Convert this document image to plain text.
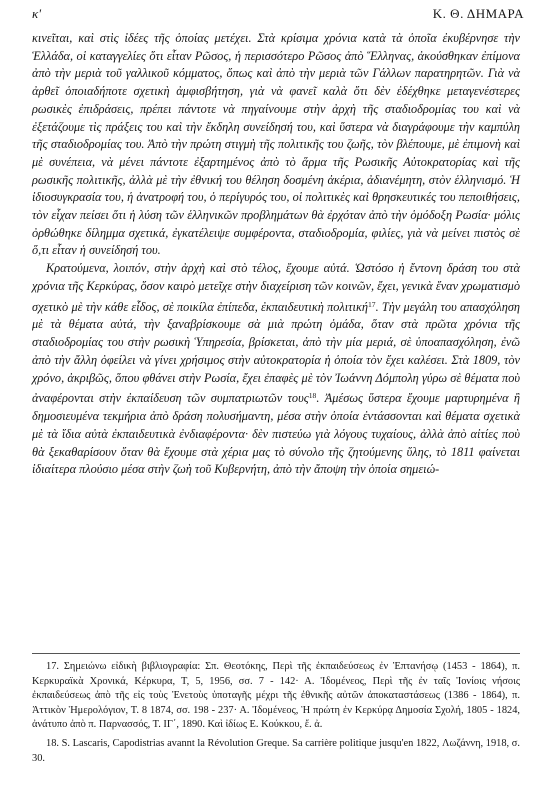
κ'	Κ. Θ. ΔΗΜΑΡΑ

κινεῖται, καὶ στὶς ἰδέες τῆς ὁποίας μετέχει. Στὰ κρίσιμα χρόνια κατὰ τὰ ὁποῖα ἐκυβέρνησε τὴν Ἑλλάδα, οἱ καταγγελίες ὅτι εἶταν Ρῶσος, ἡ περισσότερο Ρῶσος ἀπὸ Ἕλληνας, ἀκούσθηκαν ἐπίμονα ἀπὸ τὴν μεριὰ τοῦ γαλλικοῦ κόμματος, ὅπως καὶ ἀπὸ τὴν μεριὰ τῶν Γάλλων παρατηρητῶν. Γιὰ νὰ ἀρθεῖ ὁποιαδήποτε σχετικὴ ἀμφισβήτηση, γιὰ νὰ φανεῖ καλὰ ὅτι δὲν ἐδέχθηκε μεταγενέστερες ρωσικὲς ἐπιδράσεις, πρέπει πάντοτε νὰ πηγαίνουμε στὴν ἀρχὴ τῆς σταδιοδρομίας του καὶ νὰ ἐξετάζουμε τὶς πράξεις του καὶ τὴν ἔκδηλη συνείδησή του, καὶ ὕστερα νὰ διαγράφουμε τὴν καμπύλη τῆς σταδιοδρομίας του. Ἀπὸ τὴν πρώτη στιγμὴ τῆς πολιτικῆς του ζωῆς, τὸν βλέπουμε, μὲ ἐπιμονὴ καὶ μὲ συνέπεια, νὰ μένει πάντοτε ἐξαρτημένος ἀπὸ τὸ ἅρμα τῆς Ρωσικῆς Αὐτοκρατορίας καὶ τῆς ρωσικῆς πολιτικῆς, ἀλλὰ μὲ τὴν ἐθνική του θέληση δοσμένη ἀκέρια, ἀδιανέμητη, στὸν ἑλληνισμό. Ἡ ἰδιοσυγκρασία του, ἡ ἀνατροφή του, ὁ περίγυρός του, οἱ πολιτικὲς καὶ θρησκευτικές του πεποιθήσεις, τὸν εἶχαν πείσει ὅτι ἡ λύση τῶν ἑλληνικῶν προβλημάτων θὰ ἐρχόταν ἀπὸ τὴν ὁμόδοξη Ρωσία· μόλις ὀρθώθηκε δίλημμα σχετικά, ἐγκατέλειψε συμφέροντα, σταδιοδρομία, φιλίες, γιὰ νὰ μείνει πιστὸς σὲ ὅ,τι εἶταν ἡ συνείδησή του.

Κρατούμενα, λοιπόν, στὴν ἀρχὴ καὶ στὸ τέλος, ἔχουμε αὐτά. Ὡστόσο ἡ ἔντονη δράση του στὰ χρόνια τῆς Κερκύρας, ὅσον καιρὸ μετεῖχε στὴν διαχείριση τῶν κοινῶν, ἔχει, γενικὰ ἕναν χρωματισμὸ σχετικὸ μὲ τὴν κάθε εἶδος, σὲ ποικίλα ἐπίπεδα, ἐκπαιδευτικὴ πολιτική$^{17}$. Τὴν μεγάλη του απασχόληση μὲ τὰ θέματα αὐτά, τὴν ξαναβρίσκουμε σὰ μιὰ πρώτη ὁμάδα, ὅταν στὰ πρῶτα χρόνια τῆς σταδιοδρομίας του στὴν ρωσικὴ Ὑπηρεσία, βρίσκεται, ἀπὸ τὴν μία μεριά, σὲ ὑποαπασχόληση, ἐνῶ ἀπὸ τὴν ἄλλη ὀφείλει νὰ γίνει χρήσιμος στὴν αὐτοκρατορία ἡ ὁποία τὸν ἔχει καλέσει. Στὰ 1809, τὸν χρόνο, ἀκριβῶς, ὅπου φθάνει στὴν Ρωσία, ἔχει ἐπαφὲς μὲ τὸν Ἰωάννη Δόμπολη γύρω σὲ θέματα ποὺ ἀναφέρονται στὴν ἐκπαίδευση τῶν συμπατριωτῶν τους$^{18}$. Ἀμέσως ὕστερα ἔχουμε μαρτυρημένα ἢ δημοσιευμένα τεκμήρια ἀπὸ δράση πολυσήμαντη, μέσα στὴν ὁποία ἐντάσσονται καὶ θέματα σχετικὰ μὲ τὰ ἴδια αὐτὰ ἐκπαιδευτικὰ ἐνδιαφέροντα· δὲν πιστεύω γιὰ λόγους τυχαίους, ἀλλὰ ἀπὸ αἰτίες ποὺ θὰ ξεκαθαρίσουν ὅταν θὰ ἔχουμε στὰ χέρια μας τὸ σύνολο τῆς ζητούμενης ὕλης, τὸ 1811 φαίνεται ἰδιαίτερα πλούσιο μέσα στὴν ζωὴ τοῦ Κυβερνήτη, ἀπὸ τὴν ἄποψη τὴν ὁποία σημειώ-

17. Σημειώνω εἰδικὴ βιβλιογραφία: Σπ. Θεοτόκης, Περὶ τῆς ἐκπαιδεύσεως ἐν Ἑπτανήσῳ (1453 - 1864), π. Κερκυραϊκὰ Χρονικά, Κέρκυρα, Τ, 5, 1956, σσ. 7 - 142· Α. Ἰδομένεος, Περὶ τῆς ἐν ταῖς Ἰονίοις νήσοις ἐκπαιδεύσεως ἀπὸ τῆς εἰς τοὺς Ἐνετοὺς ὑποταγῆς μέχρι τῆς ἐθνικῆς αὐτῶν ἀποκαταστάσεως (1386 - 1864), π. Ἀττικὸν Ἡμερολόγιον, Τ. 8 1874, σσ. 198 - 237· Α. Ἰδομένεος, Ἡ πρώτη ἐν Κερκύρᾳ Δημοσία Σχολή, 1805 - 1824, ἀνάτυπο ἀπὸ π. Παρνασσός, Τ. ΙΓ΄, 1890. Καὶ ἰδίως Ε. Κούκκου, ἔ. ἀ.

18. S. Lascaris, Capodistrias avannt la Révolution Greque. Sa carrière politique jusqu'en 1822, Λωζάννη, 1918, σ. 30.
